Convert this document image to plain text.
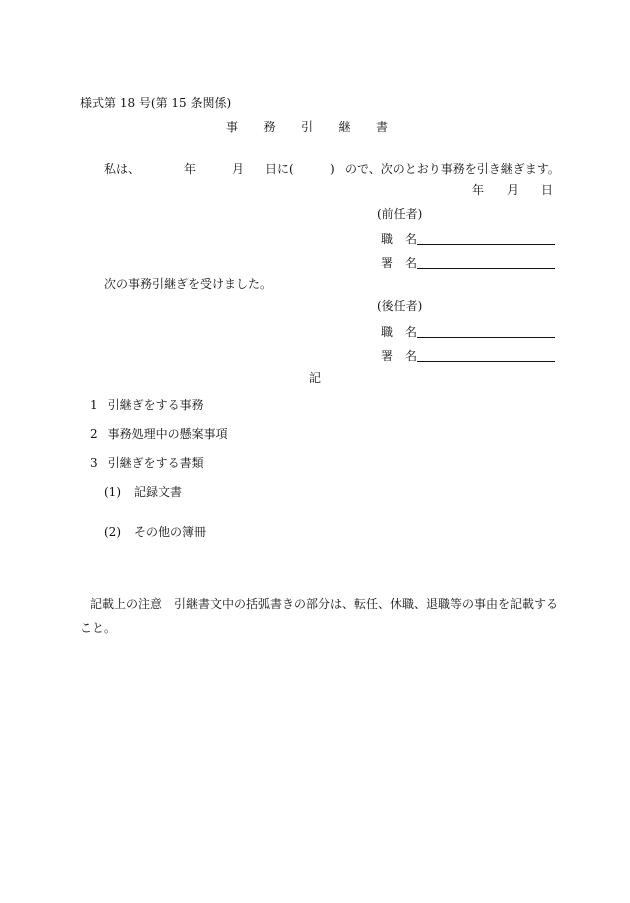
様式第 18 号(第 15 条関係)
事　　務　　引　　継　　書
私は、	年	月 日に(	) ので、次のとおり事務を引き継ぎます。
年 月 日
(前任者)
職　名
署　名
次の事務引継ぎを受けました。
(後任者)
職　名
署　名
記
1 引継ぎをする事務
2 事務処理中の懸案事項
3 引継ぎをする書類
(1) 記録文書
(2) その他の簿冊
記載上の注意　引継書文中の括弧書きの部分は、転任、休職、退職等の事由を記載する
こと。
